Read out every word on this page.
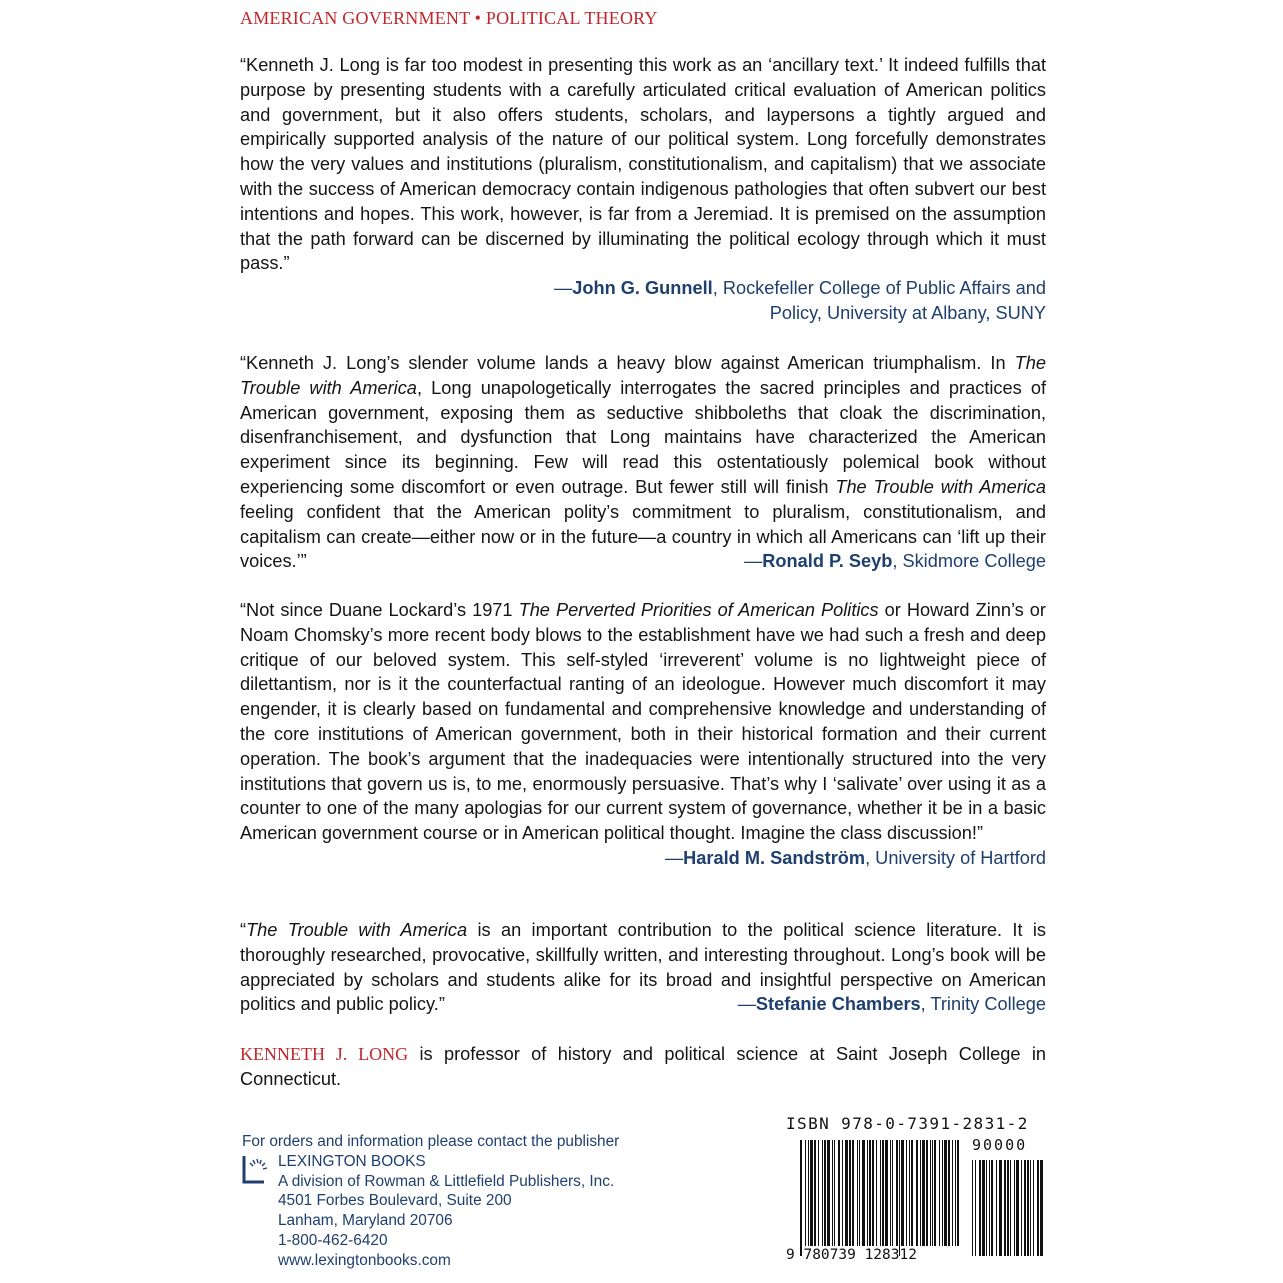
AMERICAN GOVERNMENT • POLITICAL THEORY

“Kenneth J. Long is far too modest in presenting this work as an ‘ancillary text.’ It indeed fulfills that purpose by presenting students with a carefully articulated critical evaluation of American politics and government, but it also offers students, scholars, and laypersons a tightly argued and empirically supported analysis of the nature of our political system. Long forcefully demonstrates how the very values and institutions (pluralism, constitutionalism, and capitalism) that we associate with the success of American democracy contain indigenous pathologies that often subvert our best intentions and hopes. This work, however, is far from a Jeremiad. It is premised on the assumption that the path forward can be discerned by illuminating the political ecology through which it must pass.”
—John G. Gunnell, Rockefeller College of Public Affairs and
Policy, University at Albany, SUNY

“Kenneth J. Long’s slender volume lands a heavy blow against American triumphalism. In The Trouble with America, Long unapologetically interrogates the sacred principles and practices of American government, exposing them as seductive shibboleths that cloak the discrimination, disenfranchisement, and dysfunction that Long maintains have characterized the American experiment since its beginning. Few will read this ostentatiously polemical book without experiencing some discomfort or even outrage. But fewer still will finish The Trouble with America feeling confident that the American polity’s commitment to pluralism, constitutionalism, and capitalism can create—either now or in the future—a country in which all Americans can ‘lift up their voices.’”	—Ronald P. Seyb, Skidmore College

“Not since Duane Lockard’s 1971 The Perverted Priorities of American Politics or Howard Zinn’s or Noam Chomsky’s more recent body blows to the establishment have we had such a fresh and deep critique of our beloved system. This self-styled ‘irreverent’ volume is no lightweight piece of dilettantism, nor is it the counterfactual ranting of an ideologue. However much discomfort it may engender, it is clearly based on fundamental and comprehensive knowledge and understanding of the core institutions of American government, both in their historical formation and their current operation. The book’s argument that the inadequacies were intentionally structured into the very institutions that govern us is, to me, enormously persuasive. That’s why I ‘salivate’ over using it as a counter to one of the many apologias for our current system of governance, whether it be in a basic American government course or in American political thought. Imagine the class discussion!”
—Harald M. Sandström, University of Hartford

“The Trouble with America is an important contribution to the political science literature. It is thoroughly researched, provocative, skillfully written, and interesting throughout. Long’s book will be appreciated by scholars and students alike for its broad and insightful perspective on American politics and public policy.”	—Stefanie Chambers, Trinity College

KENNETH J. LONG is professor of history and political science at Saint Joseph College in Connecticut.

For orders and information please contact the publisher
LEXINGTON BOOKS
A division of Rowman & Littlefield Publishers, Inc.
4501 Forbes Boulevard, Suite 200
Lanham, Maryland 20706
1-800-462-6420
www.lexingtonbooks.com
ISBN 978-0-7391-2831-2
90000
9 780739 128312
